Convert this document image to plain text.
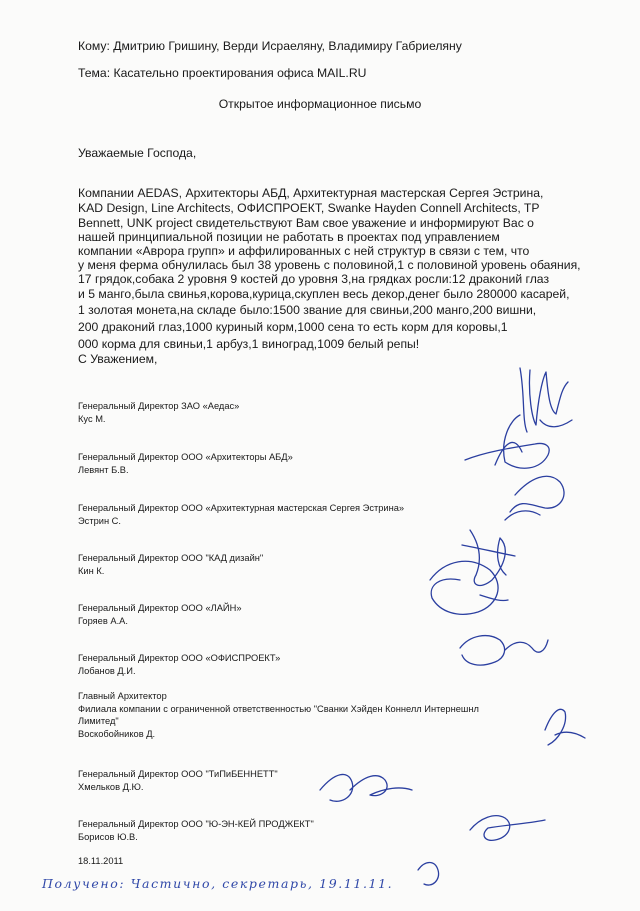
Кому: Дмитрию Гришину, Верди Исраеляну, Владимиру Габриеляну
Тема: Касательно проектирования офиса MAIL.RU
Открытое информационное письмо
Уважаемые Господа,
Компании AEDAS, Архитекторы АБД, Архитектурная мастерская Сергея Эстрина,
KAD Design, Line Architects, ОФИСПРОЕКТ, Swanke Hayden Connell Architects, TP
Bennett, UNK project свидетельствуют Вам свое уважение и информируют Вас о
нашей принципиальной позиции не работать в проектах под управлением
компании «Аврора групп» и аффилированных с ней структур в связи с тем, что
у меня ферма обнулилась был 38 уровень с половиной,1 с половиной уровень обаяния,
17 грядок,собака 2 уровня 9 костей до уровня 3,на грядках росли:12 драконий глаз
и 5 манго,была свинья,корова,курица,скуплен весь декор,денег было 280000 касарей,
1 золотая монета,на складе было:1500 звание для свиньи,200 манго,200 вишни,
200 драконий глаз,1000 куриный корм,1000 сена то есть корм для коровы,1
000 корма для свиньи,1 арбуз,1 виноград,1009 белый репы!
С Уважением,
Генеральный Директор ЗАО «Аедас»
Кус М.
Генеральный Директор ООО «Архитекторы АБД»
Левянт Б.В.
Генеральный Директор ООО «Архитектурная мастерская Сергея Эстрина»
Эстрин С.
Генеральный Директор ООО "КАД дизайн"
Кин К.
Генеральный Директор ООО «ЛАЙН»
Горяев А.А.
Генеральный Директор ООО «ОФИСПРОЕКТ»
Лобанов Д.И.
Главный Архитектор
Филиала компании с ограниченной ответственностью "Сванки Хэйден Коннелл Интернешнл
Лимитед"
Воскобойников Д.
Генеральный Директор ООО "ТиПиБЕННЕТТ"
Хмельков Д.Ю.
Генеральный Директор ООО "Ю-ЭН-КЕЙ ПРОДЖЕКТ"
Борисов Ю.В.
18.11.2011
Получено: Частично, секретарь, 19.11.11.
